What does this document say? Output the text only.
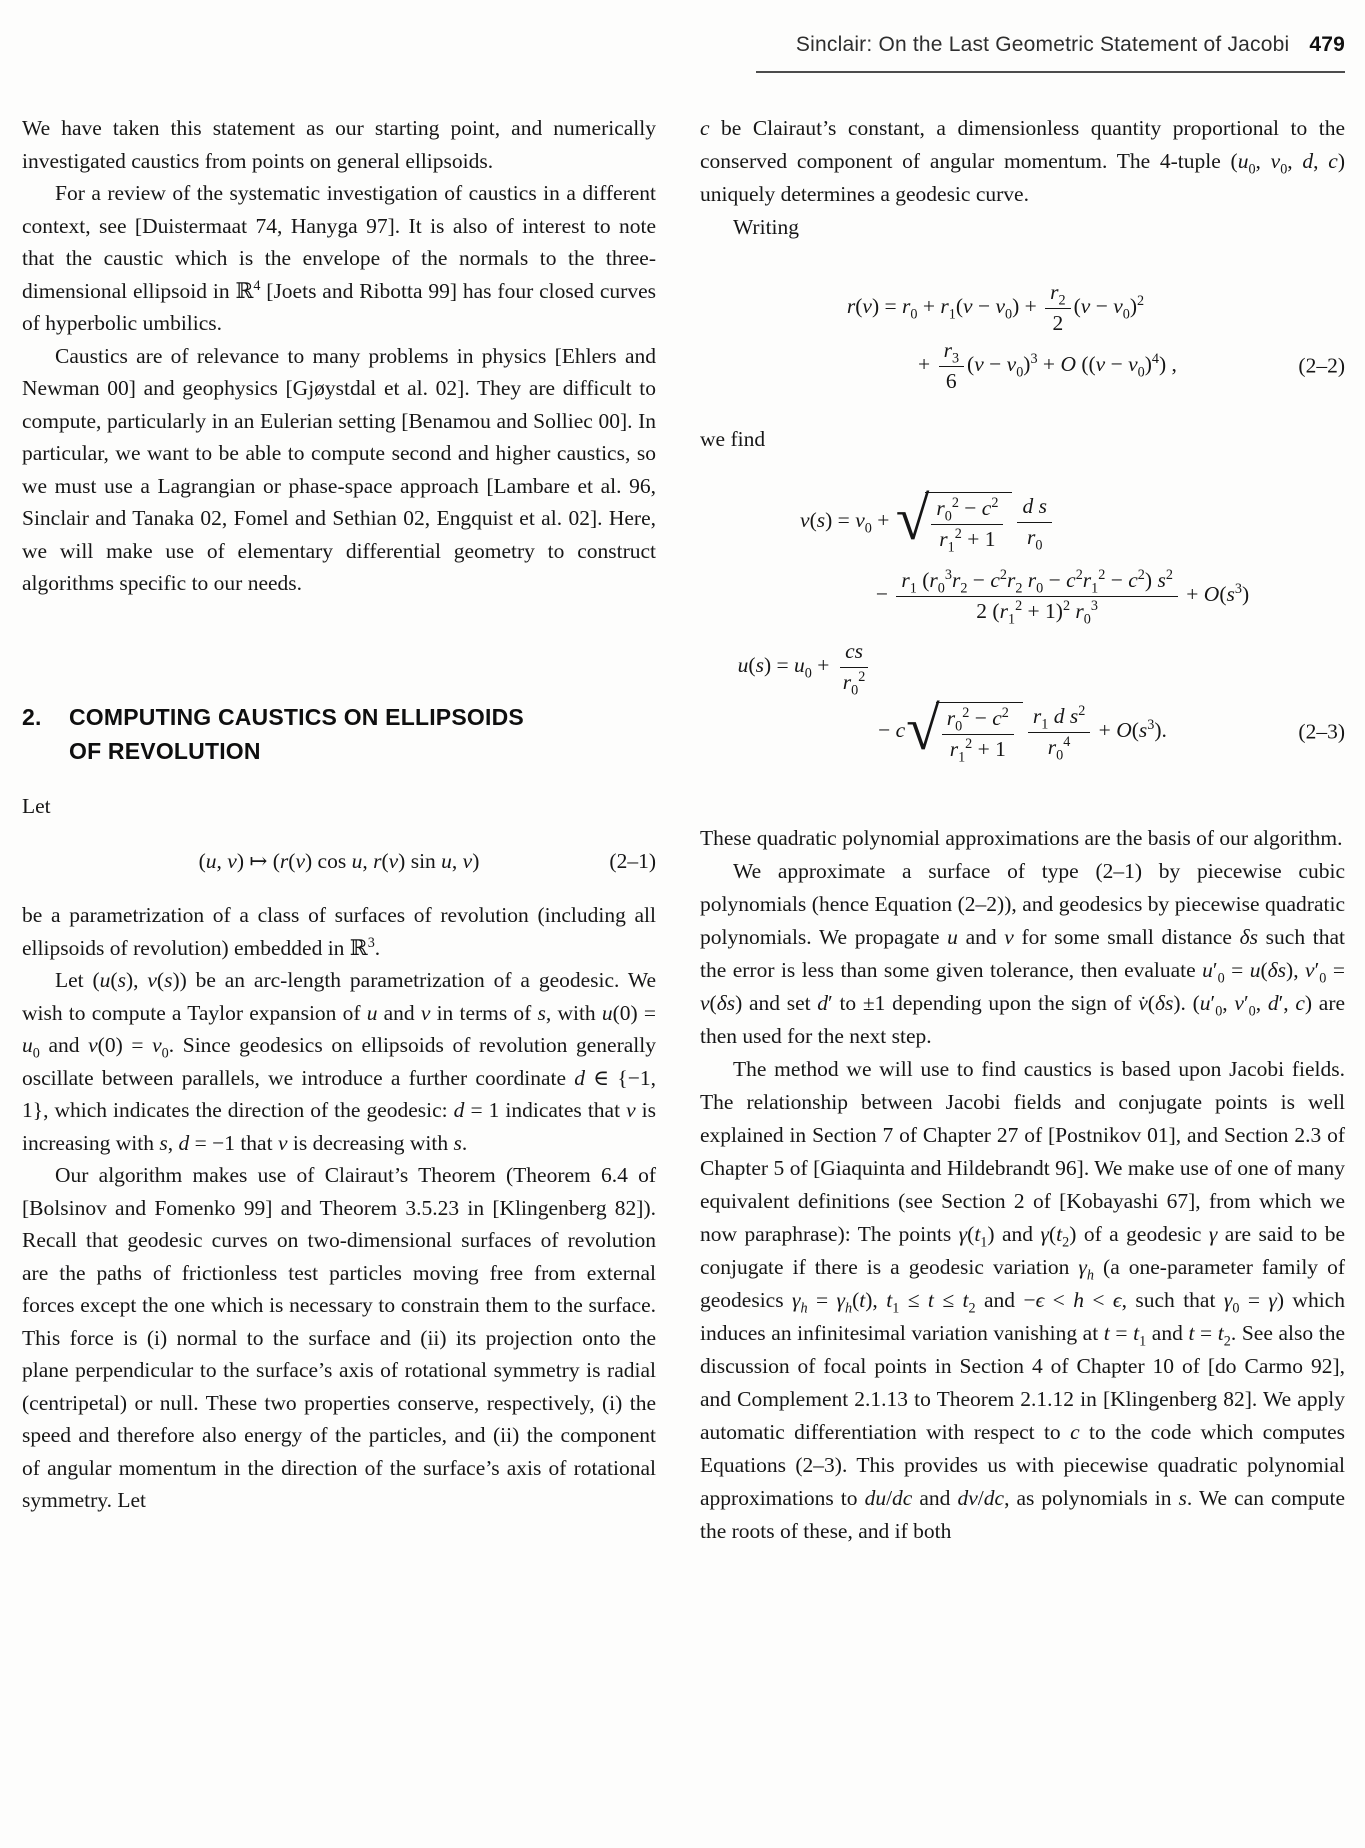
Sinclair: On the Last Geometric Statement of Jacobi 479

We have taken this statement as our starting point, and numerically investigated caustics from points on general ellipsoids.

For a review of the systematic investigation of caustics in a different context, see [Duistermaat 74, Hanyga 97]. It is also of interest to note that the caustic which is the envelope of the normals to the three-dimensional ellipsoid in ℝ$^4$ [Joets and Ribotta 99] has four closed curves of hyperbolic umbilics.

Caustics are of relevance to many problems in physics [Ehlers and Newman 00] and geophysics [Gjøystdal et al. 02]. They are difficult to compute, particularly in an Eulerian setting [Benamou and Solliec 00]. In particular, we want to be able to compute second and higher caustics, so we must use a Lagrangian or phase-space approach [Lambare et al. 96, Sinclair and Tanaka 02, Fomel and Sethian 02, Engquist et al. 02]. Here, we will make use of elementary differential geometry to construct algorithms specific to our needs.

2.	COMPUTING CAUSTICS ON ELLIPSOIDS
OF REVOLUTION

Let

(u, v) ↦ (r(v) cos u, r(v) sin u, v)	(2–1)

be a parametrization of a class of surfaces of revolution (including all ellipsoids of revolution) embedded in ℝ$^3$.

Let (u(s), v(s)) be an arc-length parametrization of a geodesic. We wish to compute a Taylor expansion of u and v in terms of s, with $u(0) = u_0$ and $v(0) = v_0$. Since geodesics on ellipsoids of revolution generally oscillate between parallels, we introduce a further coordinate d ∈ {−1, 1}, which indicates the direction of the geodesic: d = 1 indicates that v is increasing with s, d = −1 that v is decreasing with s.

Our algorithm makes use of Clairaut’s Theorem (Theorem 6.4 of [Bolsinov and Fomenko 99] and Theorem 3.5.23 in [Klingenberg 82]). Recall that geodesic curves on two-dimensional surfaces of revolution are the paths of frictionless test particles moving free from external forces except the one which is necessary to constrain them to the surface. This force is (i) normal to the surface and (ii) its projection onto the plane perpendicular to the surface’s axis of rotational symmetry is radial (centripetal) or null. These two properties conserve, respectively, (i) the speed and therefore also energy of the particles, and (ii) the component of angular momentum in the direction of the surface’s axis of rotational symmetry. Let

c be Clairaut’s constant, a dimensionless quantity proportional to the conserved component of angular momentum. The 4-tuple ($u_0$, $v_0$, d, c) uniquely determines a geodesic curve.

Writing

$r(v) = r_0 + r_1(v - v_0) + \frac{r_2}{2} (v - v_0)^2$
+ $\frac{r_3}{6} (v - v_0)^3 + O$ $((v - v_0)^4)$ ,	(2–2)

we find

$v(s) = v_0$ + √ $\frac{r_0^2 - c^2}{r_1^2 + 1} \frac{\text{d s}}{r_0}$
− $\frac{r_1 (r_0^3r_2 - c^2r_2 r_0 - c^2r_1^2 - c^2) s^2}{2 (r_1^2 + 1)^2 r_0^3} + O(s^3)$
$u(s) = u_0 + \frac{cs}{r_0^2}$
− c √ $\frac{r_0^2 - c^2}{r_1^2 + 1} \frac{r_1 d s^2}{r_0^4} + O(s^3)$.	(2–3)

These quadratic polynomial approximations are the basis of our algorithm.

We approximate a surface of type (2–1) by piecewise cubic polynomials (hence Equation (2–2)), and geodesics by piecewise quadratic polynomials. We propagate u and v for some small distance δs such that the error is less than some given tolerance, then evaluate $u'_0 = u(\delta s)$, $v'_0 = v(\delta s)$ and set d′ to ±1 depending upon the sign of v̇(δs). ($u'_0$, $v'_0$, d′, c) are then used for the next step.

The method we will use to find caustics is based upon Jacobi fields. The relationship between Jacobi fields and conjugate points is well explained in Section 7 of Chapter 27 of [Postnikov 01], and Section 2.3 of Chapter 5 of [Giaquinta and Hildebrandt 96]. We make use of one of many equivalent definitions (see Section 2 of [Kobayashi 67], from which we now paraphrase): The points $\gamma(t_1)$ and $\gamma(t_2)$ of a geodesic γ are said to be conjugate if there is a geodesic variation $\gamma_h$ (a one-parameter family of geodesics $\gamma_h = \gamma_h(t)$, $t_1 \le t \le t_2$ and −ϵ < h < ϵ, such that $\gamma_0 = \gamma$) which induces an infinitesimal variation vanishing at $t = t_1$ and $t = t_2$. See also the discussion of focal points in Section 4 of Chapter 10 of [do Carmo 92], and Complement 2.1.13 to Theorem 2.1.12 in [Klingenberg 82]. We apply automatic differentiation with respect to c to the code which computes Equations (2–3). This provides us with piecewise quadratic polynomial approximations to du/dc and dv/dc, as polynomials in s. We can compute the roots of these, and if both
